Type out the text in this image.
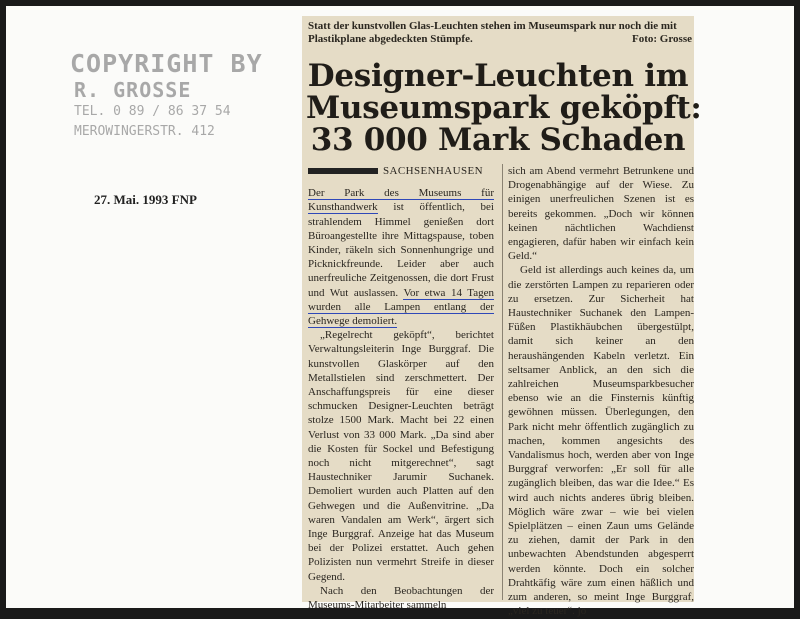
COPYRIGHT BY
R. GROSSE
TEL. 0 89 / 86 37 54
MEROWINGERSTR. 412
27. Mai. 1993 FNP
Statt der kunstvollen Glas-Leuchten stehen im Museumspark nur noch die mit Plastikplane abgedeckten Stümpfe.	Foto: Grosse
Designer-Leuchten im
Museumspark geköpft:
33 000 Mark Schaden
SACHSENHAUSEN

Der Park des Museums für Kunsthandwerk ist öffentlich, bei strahlendem Himmel genießen dort Büroangestellte ihre Mittagspause, toben Kinder, räkeln sich Sonnenhungrige und Picknickfreunde. Leider aber auch unerfreuliche Zeitgenossen, die dort Frust und Wut auslassen. Vor etwa 14 Tagen wurden alle Lampen entlang der Gehwege demoliert.

„Regelrecht geköpft“, berichtet Verwaltungsleiterin Inge Burggraf. Die kunstvollen Glaskörper auf den Metallstielen sind zerschmettert. Der Anschaffungspreis für eine dieser schmucken Designer-Leuchten beträgt stolze 1500 Mark. Macht bei 22 einen Verlust von 33 000 Mark. „Da sind aber die Kosten für Sockel und Befestigung noch nicht mitgerechnet“, sagt Haustechniker Jarumir Suchanek. Demoliert wurden auch Platten auf den Gehwegen und die Außenvitrine. „Da waren Vandalen am Werk“, ärgert sich Inge Burggraf. Anzeige hat das Museum bei der Polizei erstattet. Auch gehen Polizisten nun vermehrt Streife in dieser Gegend.

Nach den Beobachtungen der Museums-Mitarbeiter sammeln

sich am Abend vermehrt Betrunkene und Drogenabhängige auf der Wiese. Zu einigen unerfreulichen Szenen ist es bereits gekommen. „Doch wir können keinen nächtlichen Wachdienst engagieren, dafür haben wir einfach kein Geld.“

Geld ist allerdings auch keines da, um die zerstörten Lampen zu reparieren oder zu ersetzen. Zur Sicherheit hat Haustechniker Suchanek den Lampen-Füßen Plastikhäubchen übergestülpt, damit sich keiner an den heraushängenden Kabeln verletzt. Ein seltsamer Anblick, an den sich die zahlreichen Museumsparkbesucher ebenso wie an die Finsternis künftig gewöhnen müssen. Überlegungen, den Park nicht mehr öffentlich zugänglich zu machen, kommen angesichts des Vandalismus hoch, werden aber von Inge Burggraf verworfen: „Er soll für alle zugänglich bleiben, das war die Idee.“ Es wird auch nichts anderes übrig bleiben. Möglich wäre zwar – wie bei vielen Spielplätzen – einen Zaun ums Gelände zu ziehen, damit der Park in den unbewachten Abendstunden abgesperrt werden könnte. Doch ein solcher Drahtkäfig wäre zum einen häßlich und zum anderen, so meint Inge Burggraf, „viel zu teuer“. jo
